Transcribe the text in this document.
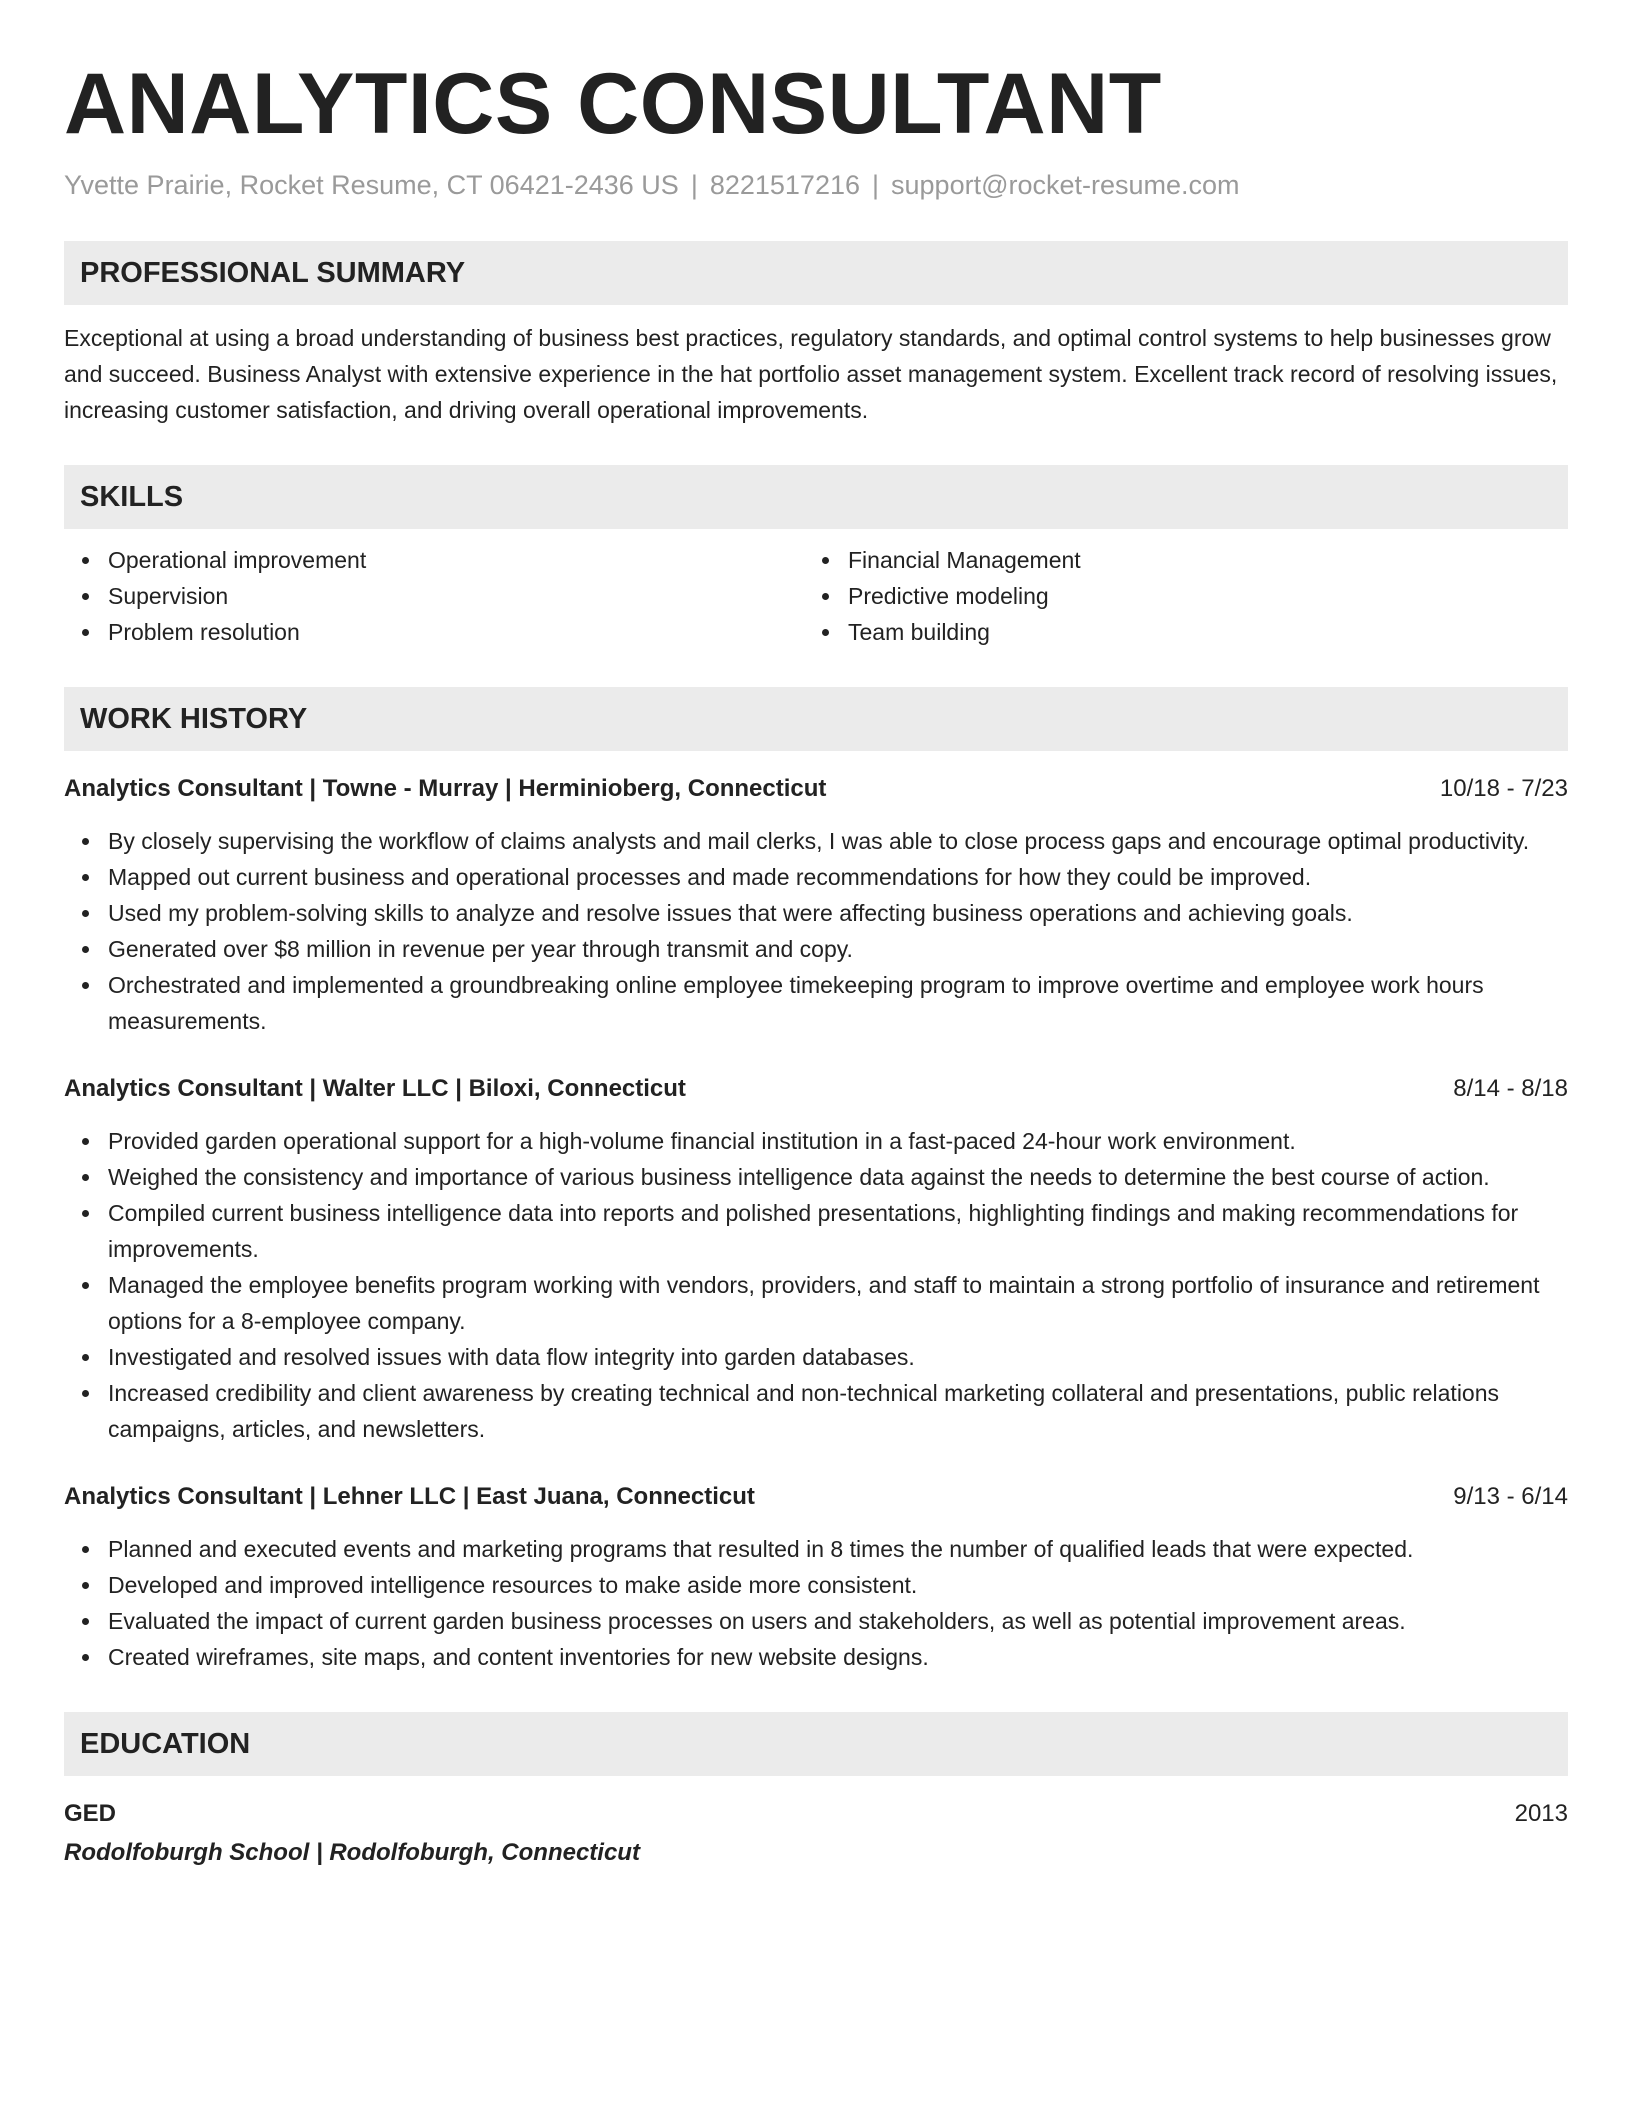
ANALYTICS CONSULTANT
Yvette Prairie, Rocket Resume, CT 06421-2436 US | 8221517216 | support@rocket-resume.com
PROFESSIONAL SUMMARY
Exceptional at using a broad understanding of business best practices, regulatory standards, and optimal control systems to help businesses grow and succeed. Business Analyst with extensive experience in the hat portfolio asset management system. Excellent track record of resolving issues, increasing customer satisfaction, and driving overall operational improvements.
SKILLS
Operational improvement
Supervision
Problem resolution
Financial Management
Predictive modeling
Team building
WORK HISTORY
Analytics Consultant | Towne - Murray | Herminioberg, Connecticut	10/18 - 7/23
By closely supervising the workflow of claims analysts and mail clerks, I was able to close process gaps and encourage optimal productivity.
Mapped out current business and operational processes and made recommendations for how they could be improved.
Used my problem-solving skills to analyze and resolve issues that were affecting business operations and achieving goals.
Generated over $8 million in revenue per year through transmit and copy.
Orchestrated and implemented a groundbreaking online employee timekeeping program to improve overtime and employee work hours measurements.
Analytics Consultant | Walter LLC | Biloxi, Connecticut	8/14 - 8/18
Provided garden operational support for a high-volume financial institution in a fast-paced 24-hour work environment.
Weighed the consistency and importance of various business intelligence data against the needs to determine the best course of action.
Compiled current business intelligence data into reports and polished presentations, highlighting findings and making recommendations for improvements.
Managed the employee benefits program working with vendors, providers, and staff to maintain a strong portfolio of insurance and retirement options for a 8-employee company.
Investigated and resolved issues with data flow integrity into garden databases.
Increased credibility and client awareness by creating technical and non-technical marketing collateral and presentations, public relations campaigns, articles, and newsletters.
Analytics Consultant | Lehner LLC | East Juana, Connecticut	9/13 - 6/14
Planned and executed events and marketing programs that resulted in 8 times the number of qualified leads that were expected.
Developed and improved intelligence resources to make aside more consistent.
Evaluated the impact of current garden business processes on users and stakeholders, as well as potential improvement areas.
Created wireframes, site maps, and content inventories for new website designs.
EDUCATION
GED	2013
Rodolfoburgh School | Rodolfoburgh, Connecticut
